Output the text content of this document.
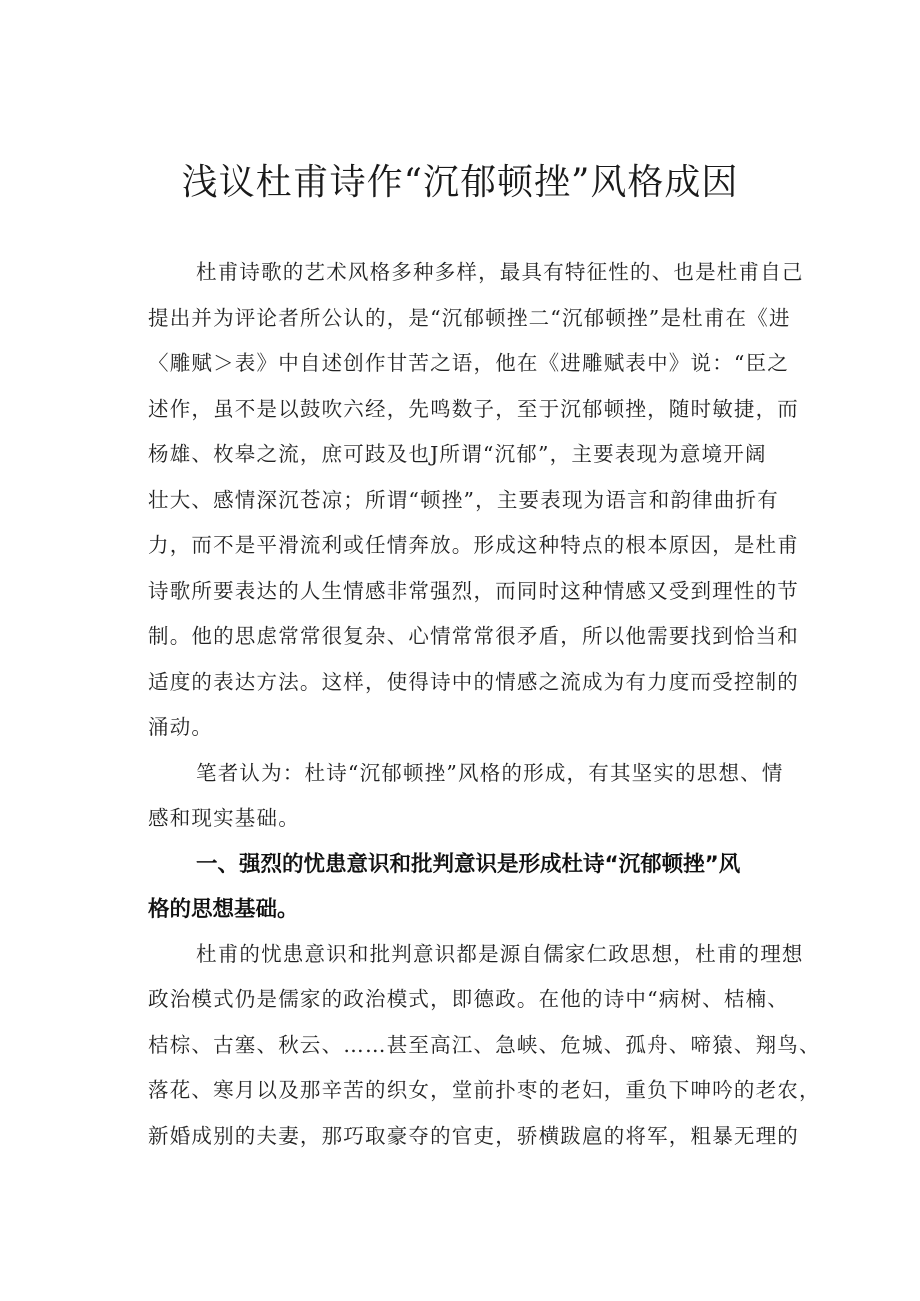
浅议杜甫诗作“沉郁顿挫”风格成因
杜甫诗歌的艺术风格多种多样，最具有特征性的、也是杜甫自己
提出并为评论者所公认的，是“沉郁顿挫二“沉郁顿挫”是杜甫在《进
〈雕赋＞表》中自述创作甘苦之语，他在《进雕赋表中》说：“臣之
述作，虽不是以鼓吹六经，先鸣数子，至于沉郁顿挫，随时敏捷，而
杨雄、枚皋之流，庶可跂及也J所谓“沉郁”，主要表现为意境开阔
壮大、感情深沉苍凉；所谓“顿挫”，主要表现为语言和韵律曲折有
力，而不是平滑流利或任情奔放。形成这种特点的根本原因，是杜甫
诗歌所要表达的人生情感非常强烈，而同时这种情感又受到理性的节
制。他的思虑常常很复杂、心情常常很矛盾，所以他需要找到恰当和
适度的表达方法。这样，使得诗中的情感之流成为有力度而受控制的
涌动。
笔者认为：杜诗“沉郁顿挫”风格的形成，有其坚实的思想、情
感和现实基础。
一、强烈的忧患意识和批判意识是形成杜诗“沉郁顿挫”风
格的思想基础。
杜甫的忧患意识和批判意识都是源自儒家仁政思想，杜甫的理想
政治模式仍是儒家的政治模式，即德政。在他的诗中“病树、桔楠、
桔棕、古塞、秋云、……甚至高江、急峡、危城、孤舟、啼猿、翔鸟、
落花、寒月以及那辛苦的织女，堂前扑枣的老妇，重负下呻吟的老农，
新婚成别的夫妻，那巧取豪夺的官吏，骄横跋扈的将军，粗暴无理的
